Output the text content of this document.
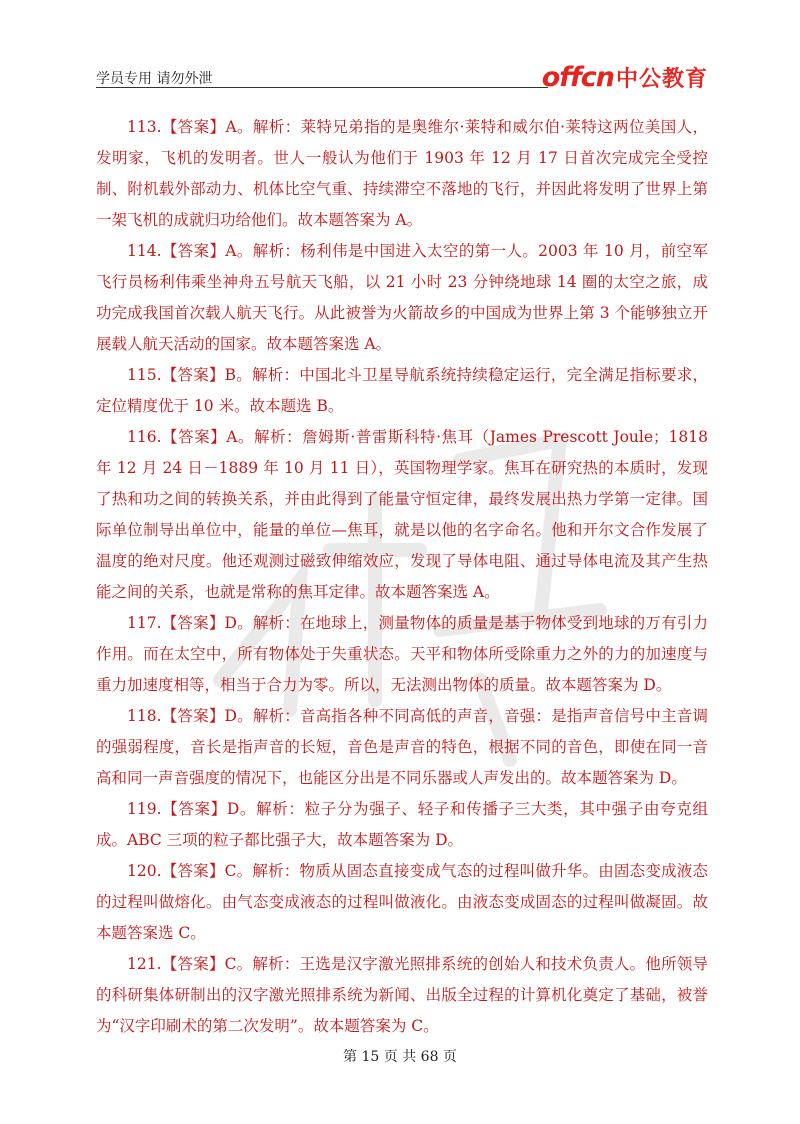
学员专用 请勿外泄	offcn 中公教育

113.【答案】A。解析：莱特兄弟指的是奥维尔·莱特和威尔伯·莱特这两位美国人，发明家，飞机的发明者。世人一般认为他们于 1903 年 12 月 17 日首次完成完全受控制、附机载外部动力、机体比空气重、持续滞空不落地的飞行，并因此将发明了世界上第一架飞机的成就归功给他们。故本题答案为 A。

114.【答案】A。解析：杨利伟是中国进入太空的第一人。2003 年 10 月，前空军飞行员杨利伟乘坐神舟五号航天飞船，以 21 小时 23 分钟绕地球 14 圈的太空之旅，成功完成我国首次载人航天飞行。从此被誉为火箭故乡的中国成为世界上第 3 个能够独立开展载人航天活动的国家。故本题答案选 A。

115.【答案】B。解析：中国北斗卫星导航系统持续稳定运行，完全满足指标要求，定位精度优于 10 米。故本题选 B。

116.【答案】A。解析：詹姆斯·普雷斯科特·焦耳（James Prescott Joule；1818 年 12 月 24 日－1889 年 10 月 11 日），英国物理学家。焦耳在研究热的本质时，发现了热和功之间的转换关系，并由此得到了能量守恒定律，最终发展出热力学第一定律。国际单位制导出单位中，能量的单位—焦耳，就是以他的名字命名。他和开尔文合作发展了温度的绝对尺度。他还观测过磁致伸缩效应，发现了导体电阻、通过导体电流及其产生热能之间的关系，也就是常称的焦耳定律。故本题答案选 A。

117.【答案】D。解析：在地球上，测量物体的质量是基于物体受到地球的万有引力作用。而在太空中，所有物体处于失重状态。天平和物体所受除重力之外的力的加速度与重力加速度相等，相当于合力为零。所以，无法测出物体的质量。故本题答案为 D。

118.【答案】D。解析：音高指各种不同高低的声音，音强：是指声音信号中主音调的强弱程度，音长是指声音的长短，音色是声音的特色，根据不同的音色，即使在同一音高和同一声音强度的情况下，也能区分出是不同乐器或人声发出的。故本题答案为 D。

119.【答案】D。解析：粒子分为强子、轻子和传播子三大类，其中强子由夸克组成。ABC 三项的粒子都比强子大，故本题答案为 D。

120.【答案】C。解析：物质从固态直接变成气态的过程叫做升华。由固态变成液态的过程叫做熔化。由气态变成液态的过程叫做液化。由液态变成固态的过程叫做凝固。故本题答案选 C。

121.【答案】C。解析：王选是汉字激光照排系统的创始人和技术负责人。他所领导的科研集体研制出的汉字激光照排系统为新闻、出版全过程的计算机化奠定了基础，被誉为“汉字印刷术的第二次发明”。故本题答案为 C。

第 15 页 共 68 页
